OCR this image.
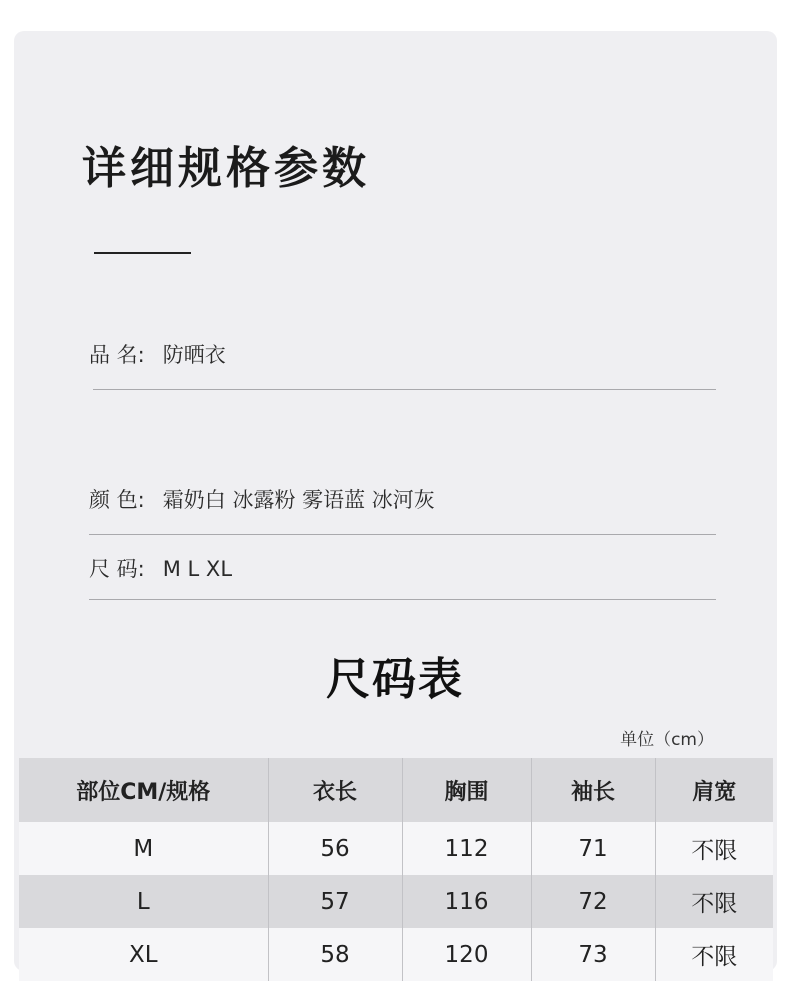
详细规格参数
品 名: 防晒衣
颜 色: 霜奶白 冰露粉 雾语蓝 冰河灰
尺 码: M L XL
尺码表
单位（cm）
部位CM/规格	衣长	胸围	袖长	肩宽
M	56	112	71	不限
L	57	116	72	不限
XL	58	120	73	不限
